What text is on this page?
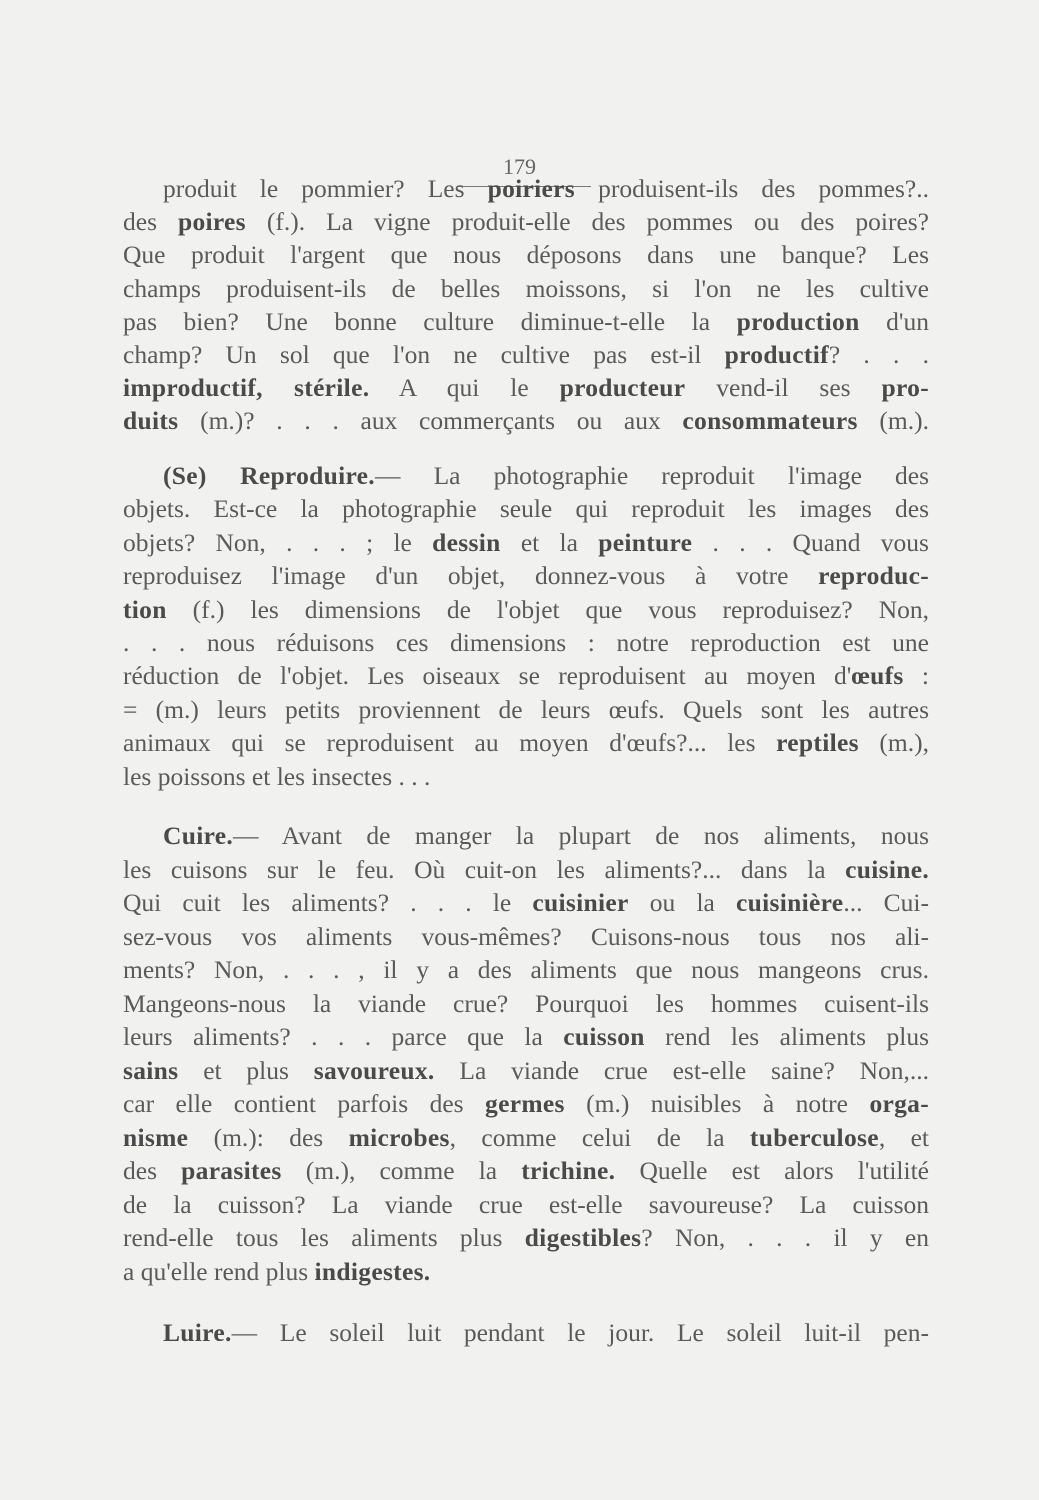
179
produit le pommier? Les poiriers produisent-ils des pommes?..
des poires (f.). La vigne produit-elle des pommes ou des poires?
Que produit l'argent que nous déposons dans une banque? Les
champs produisent-ils de belles moissons, si l'on ne les cultive
pas bien? Une bonne culture diminue-t-elle la production d'un
champ? Un sol que l'on ne cultive pas est-il productif? . . .
improductif, stérile. A qui le producteur vend-il ses pro-
duits (m.)? . . . aux commerçants ou aux consommateurs (m.).
(Se) Reproduire.— La photographie reproduit l'image des
objets. Est-ce la photographie seule qui reproduit les images des
objets? Non, . . . ; le dessin et la peinture . . . Quand vous
reproduisez l'image d'un objet, donnez-vous à votre reproduc-
tion (f.) les dimensions de l'objet que vous reproduisez? Non,
. . . nous réduisons ces dimensions : notre reproduction est une
réduction de l'objet. Les oiseaux se reproduisent au moyen d'œufs :
= (m.) leurs petits proviennent de leurs œufs. Quels sont les autres
animaux qui se reproduisent au moyen d'œufs?... les reptiles (m.),
les poissons et les insectes . . .
Cuire.— Avant de manger la plupart de nos aliments, nous
les cuisons sur le feu. Où cuit-on les aliments?... dans la cuisine.
Qui cuit les aliments? . . . le cuisinier ou la cuisinière... Cui-
sez-vous vos aliments vous-mêmes? Cuisons-nous tous nos ali-
ments? Non, . . . , il y a des aliments que nous mangeons crus.
Mangeons-nous la viande crue? Pourquoi les hommes cuisent-ils
leurs aliments? . . . parce que la cuisson rend les aliments plus
sains et plus savoureux. La viande crue est-elle saine? Non,...
car elle contient parfois des germes (m.) nuisibles à notre orga-
nisme (m.): des microbes, comme celui de la tuberculose, et
des parasites (m.), comme la trichine. Quelle est alors l'utilité
de la cuisson? La viande crue est-elle savoureuse? La cuisson
rend-elle tous les aliments plus digestibles? Non, . . . il y en
a qu'elle rend plus indigestes.
Luire.— Le soleil luit pendant le jour. Le soleil luit-il pen-
